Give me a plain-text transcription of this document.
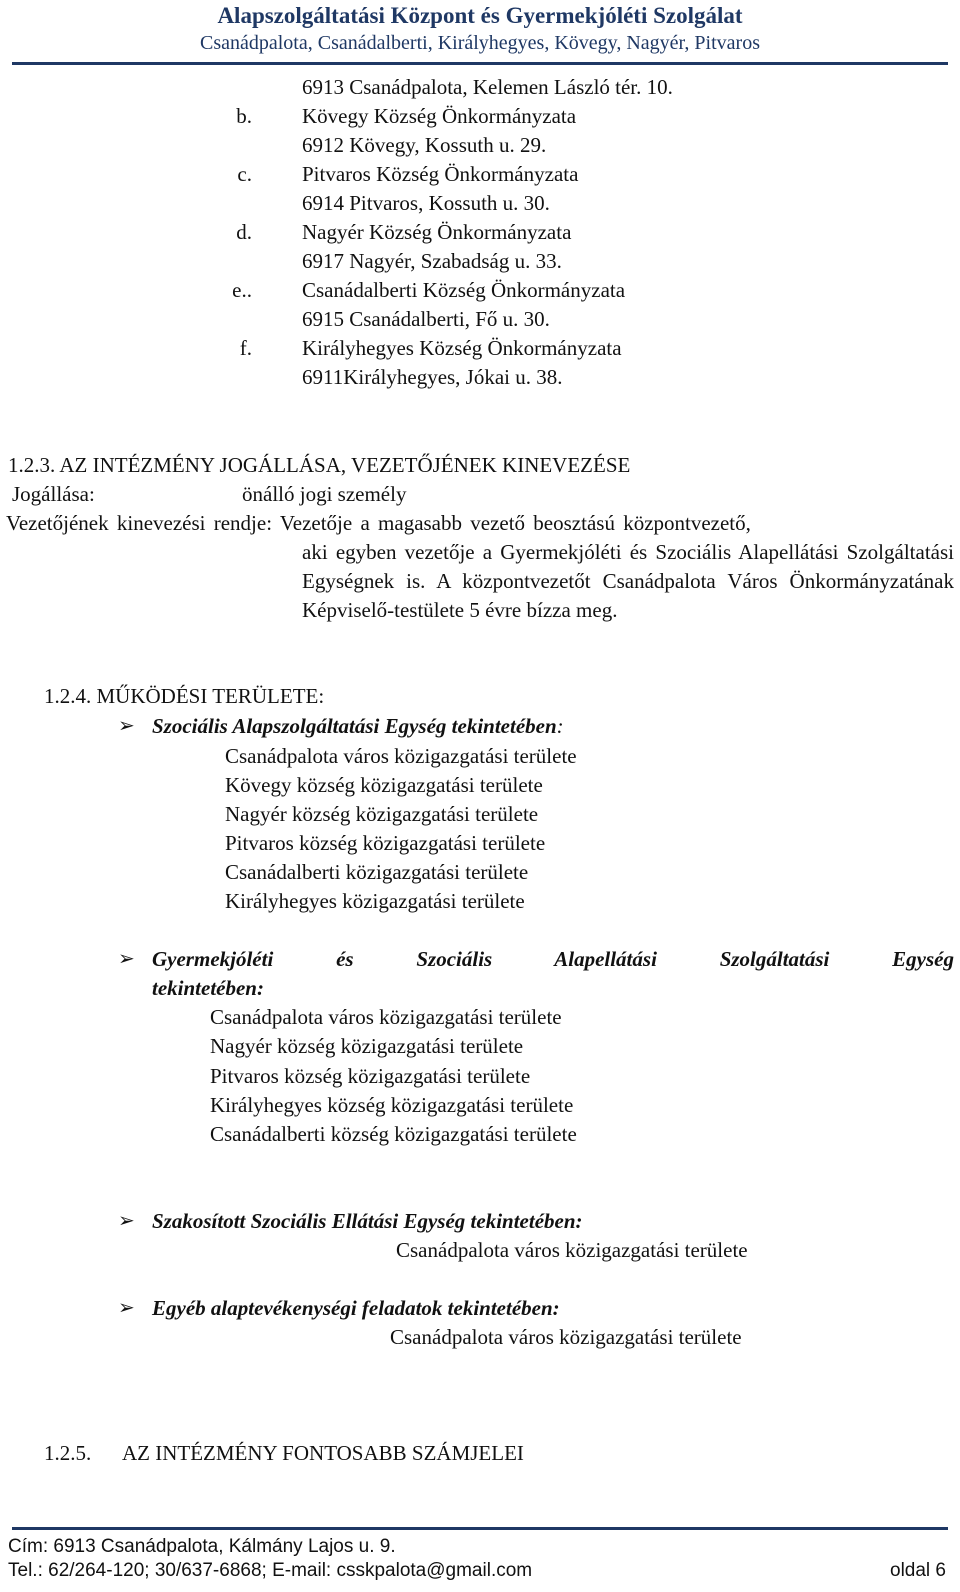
Alapszolgáltatási Központ és Gyermekjóléti Szolgálat
Csanádpalota, Csanádalberti, Királyhegyes, Kövegy, Nagyér, Pitvaros
6913 Csanádpalota, Kelemen László tér. 10.
b. Kövegy Község Önkormányzata
6912 Kövegy, Kossuth u. 29.
c. Pitvaros Község Önkormányzata
6914 Pitvaros, Kossuth u. 30.
d. Nagyér Község Önkormányzata
6917 Nagyér, Szabadság u. 33.
e.. Csanádalberti Község Önkormányzata
6915 Csanádalberti, Fő u. 30.
f. Királyhegyes Község Önkormányzata
6911Királyhegyes, Jókai u. 38.
1.2.3. AZ INTÉZMÉNY JOGÁLLÁSA, VEZETŐJÉNEK KINEVEZÉSE
Jogállása:	önálló jogi személy
Vezetőjének kinevezési rendje: Vezetője a magasabb vezető beosztású központvezető,
aki egyben vezetője a Gyermekjóléti és Szociális Alapellátási Szolgáltatási Egységnek is. A központvezetőt Csanádpalota Város Önkormányzatának Képviselő-testülete 5 évre bízza meg.
1.2.4. MŰKÖDÉSI TERÜLETE:
➢ Szociális Alapszolgáltatási Egység tekintetében:
Csanádpalota város közigazgatási területe
Kövegy község közigazgatási területe
Nagyér község közigazgatási területe
Pitvaros község közigazgatási területe
Csanádalberti közigazgatási területe
Királyhegyes közigazgatási területe
➢ Gyermekjóléti és Szociális Alapellátási Szolgáltatási Egység
tekintetében:
Csanádpalota város közigazgatási területe
Nagyér község közigazgatási területe
Pitvaros község közigazgatási területe
Királyhegyes község közigazgatási területe
Csanádalberti község közigazgatási területe
➢ Szakosított Szociális Ellátási Egység tekintetében:
Csanádpalota város közigazgatási területe
➢ Egyéb alaptevékenységi feladatok tekintetében:
Csanádpalota város közigazgatási területe
1.2.5. AZ INTÉZMÉNY FONTOSABB SZÁMJELEI
Cím: 6913 Csanádpalota, Kálmány Lajos u. 9.
Tel.: 62/264-120; 30/637-6868; E-mail: csskpalota@gmail.com	oldal 6
